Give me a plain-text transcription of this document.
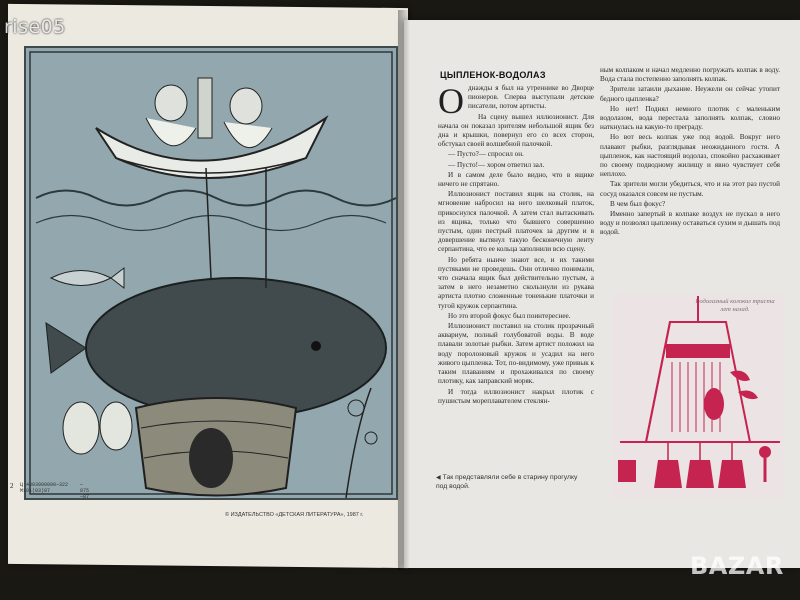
rise05
2 Ц 4803000000—322
М101(03)87
—875—87
© ИЗДАТЕЛЬСТВО «ДЕТСКАЯ ЛИТЕРАТУРА», 1987 г.
ЦЫПЛЕНОК-ВОДОЛАЗ

Однажды я был на утреннике во Дворце пионеров. Сперва выступали детские писатели, потом артисты.

На сцену вышел иллюзионист. Для начала он показал зрителям небольшой ящик без дна и крышки, повернул его со всех сторон, обстукал своей волшебной палочкой.

— Пусто?— спросил он.

— Пусто!— хором ответил зал.

И в самом деле было видно, что в ящике ничего не спрятано.

Иллюзионист поставил ящик на столик, на мгновение набросил на него шелковый платок, прикоснулся палочкой. А затем стал вытаскивать из ящика, только что бывшего совершенно пустым, один пестрый платочек за другим и в довершение вытянул такую бесконечную ленту серпантина, что ее кольца заполнили всю сцену.

Но ребята нынче знают все, и их такими пустяками не проведешь. Они отлично понимали, что сначала ящик был действительно пустым, а затем в него незаметно скользнули из рукава артиста плотно сложенные тоненькие платочки и тугой кружок серпантина.

Но это второй фокус был поинтереснее.

Иллюзионист поставил на столик прозрачный аквариум, полный голубоватой воды. В воде плавали золотые рыбки. Затем артист положил на воду поролоновый кружок и усадил на него живого цыпленка. Тот, по-видимому, уже привык к таким плаваниям и прохаживался по своему плотику, как заправский моряк.

И тогда иллюзионист накрыл плотик с пушистым мореплавателем стеклян-

ным колпаком и начал медленно погружать колпак в воду. Вода стала постепенно заполнять колпак.

Зрители затаили дыхание. Неужели он сейчас утопит бедного цыпленка?

Но нет! Поднял немного плотик с маленьким водолазом, вода перестала заполнять колпак, словно наткнулась на какую-то преграду.

Но вот весь колпак уже под водой. Вокруг него плавают рыбки, разглядывая неожиданного гостя. А цыпленок, как настоящий водолаз, спокойно расхаживает по своему подводному жилищу и явно чувствует себя неплохо.

Так зрители могли убедиться, что и на этот раз пустой сосуд оказался совсем не пустым.

В чем был фокус?

Именно запертый в колпаке воздух не пускал в него воду и позволял цыпленку оставаться сухим и дышать под водой.

Водолазный колокол триста лет назад.
◀ Так представляли себе в старину прогулку под водой.
BAZAR
